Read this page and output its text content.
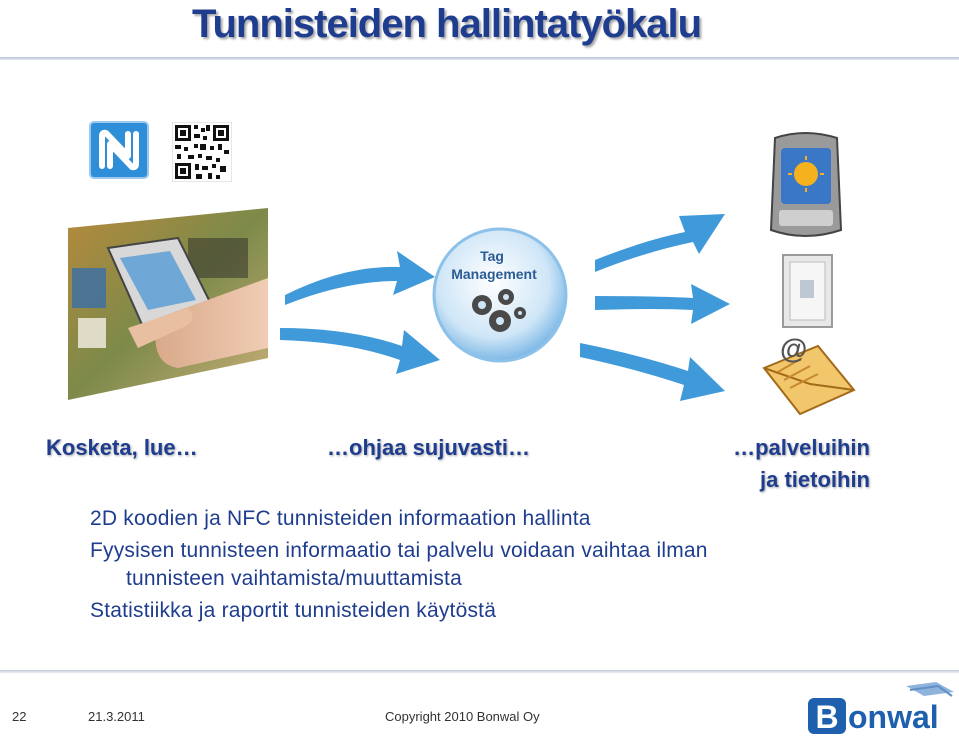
Tunnisteiden hallintatyökalu
Tag
Management
@
Kosketa, lue…	…ohjaa sujuvasti…	…palveluihin
ja tietoihin
2D koodien ja NFC tunnisteiden informaation hallinta
Fyysisen tunnisteen informaatio tai palvelu voidaan vaihtaa ilman
tunnisteen vaihtamista/muuttamista
Statistiikka ja raportit tunnisteiden käytöstä
22	21.3.2011	Copyright 2010 Bonwal Oy	B onwal
